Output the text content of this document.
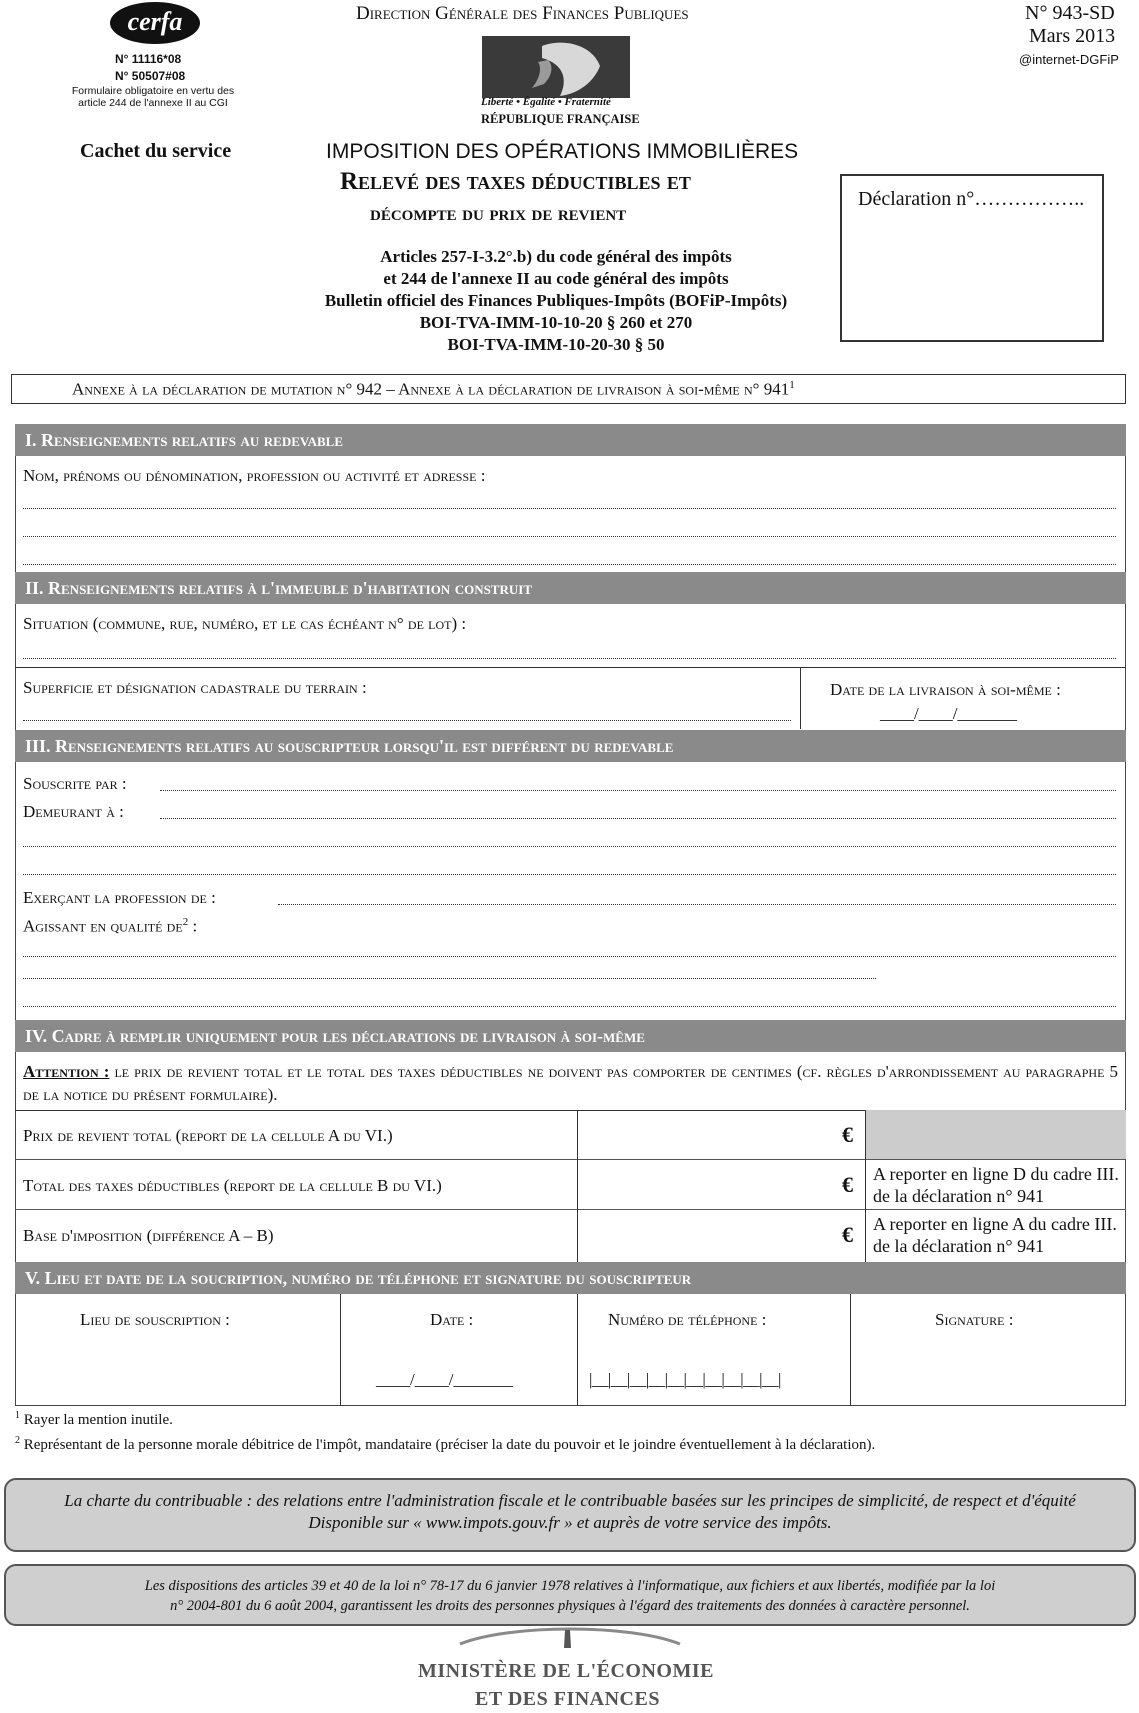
cerfa
N° 11116*08
N° 50507#08
Formulaire obligatoire en vertu des article 244 de l'annexe II au CGI
Direction Générale des Finances Publiques
Liberté • Égalité • Fraternité
RÉPUBLIQUE FRANÇAISE
N° 943-SD
Mars 2013
@internet-DGFiP
Cachet du service	IMPOSITION DES OPÉRATIONS IMMOBILIÈRES
Relevé des taxes déductibles et
décompte du prix de revient
Articles 257-I-3.2°.b) du code général des impôts
et 244 de l'annexe II au code général des impôts
Bulletin officiel des Finances Publiques-Impôts (BOFiP-Impôts)
BOI-TVA-IMM-10-10-20 § 260 et 270
BOI-TVA-IMM-10-20-30 § 50
Déclaration n°……………..
Annexe à la déclaration de mutation n° 942 – Annexe à la déclaration de livraison à soi-même n° $941^1$
I. Renseignements relatifs au redevable
Nom, prénoms ou dénomination, profession ou activité et adresse :
II. Renseignements relatifs à l'immeuble d'habitation construit
Situation (commune, rue, numéro, et le cas échéant n° de lot) :
Superficie et désignation cadastrale du terrain :	Date de la livraison à soi-même :
____/____/_______
III. Renseignements relatifs au souscripteur lorsqu'il est différent du redevable
Souscrite par :
Demeurant à :
Exerçant la profession de :
Agissant en qualité $de^2$ :
IV. Cadre à remplir uniquement pour les déclarations de livraison à soi-même
Attention : le prix de revient total et le total des taxes déductibles ne doivent pas comporter de centimes (cf. règles d'arrondissement au paragraphe 5 de la notice du présent formulaire).
Prix de revient total (report de la cellule A du VI.)	€
Total des taxes déductibles (report de la cellule B du VI.)	€ A reporter en ligne D du cadre III. de la déclaration n° 941
Base d'imposition (différence A – B)	€ A reporter en ligne A du cadre III. de la déclaration n° 941
V. Lieu et date de la soucription, numéro de téléphone et signature du souscripteur
Lieu de souscription :	Date :
____/____/_______
Numéro de téléphone :
|__|__|__|__|__|__|__|__|__|__|
Signature :
$^1$ Rayer la mention inutile.
$^2$ Représentant de la personne morale débitrice de l'impôt, mandataire (préciser la date du pouvoir et le joindre éventuellement à la déclaration).
La charte du contribuable : des relations entre l'administration fiscale et le contribuable basées sur les principes de simplicité, de respect et d'équité
Disponible sur « www.impots.gouv.fr » et auprès de votre service des impôts.
Les dispositions des articles 39 et 40 de la loi n° 78-17 du 6 janvier 1978 relatives à l'informatique, aux fichiers et aux libertés, modifiée par la loi
n° 2004-801 du 6 août 2004, garantissent les droits des personnes physiques à l'égard des traitements des données à caractère personnel.
MINISTÈRE DE L'ÉCONOMIE
ET DES FINANCES
